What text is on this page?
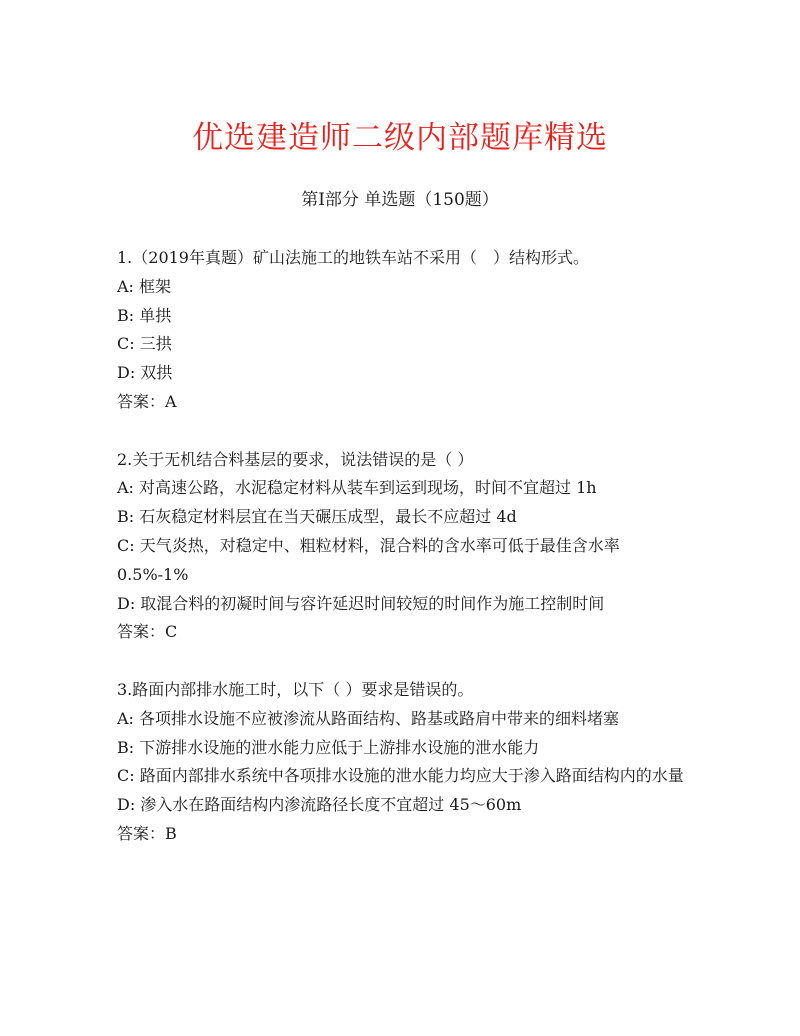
优选建造师二级内部题库精选
第Ⅰ部分 单选题（150题）
1.（2019年真题）矿山法施工的地铁车站不采用（　）结构形式。
A: 框架
B: 单拱
C: 三拱
D: 双拱
答案：A
2.关于无机结合料基层的要求，说法错误的是（ ）
A: 对高速公路，水泥稳定材料从装车到运到现场，时间不宜超过 1h
B: 石灰稳定材料层宜在当天碾压成型，最长不应超过 4d
C: 天气炎热，对稳定中、粗粒材料，混合料的含水率可低于最佳含水率 0.5%-1%
D: 取混合料的初凝时间与容许延迟时间较短的时间作为施工控制时间
答案：C
3.路面内部排水施工时，以下（ ）要求是错误的。
A: 各项排水设施不应被渗流从路面结构、路基或路肩中带来的细料堵塞
B: 下游排水设施的泄水能力应低于上游排水设施的泄水能力
C: 路面内部排水系统中各项排水设施的泄水能力均应大于渗入路面结构内的水量
D: 渗入水在路面结构内渗流路径长度不宜超过 45～60m
答案：B
